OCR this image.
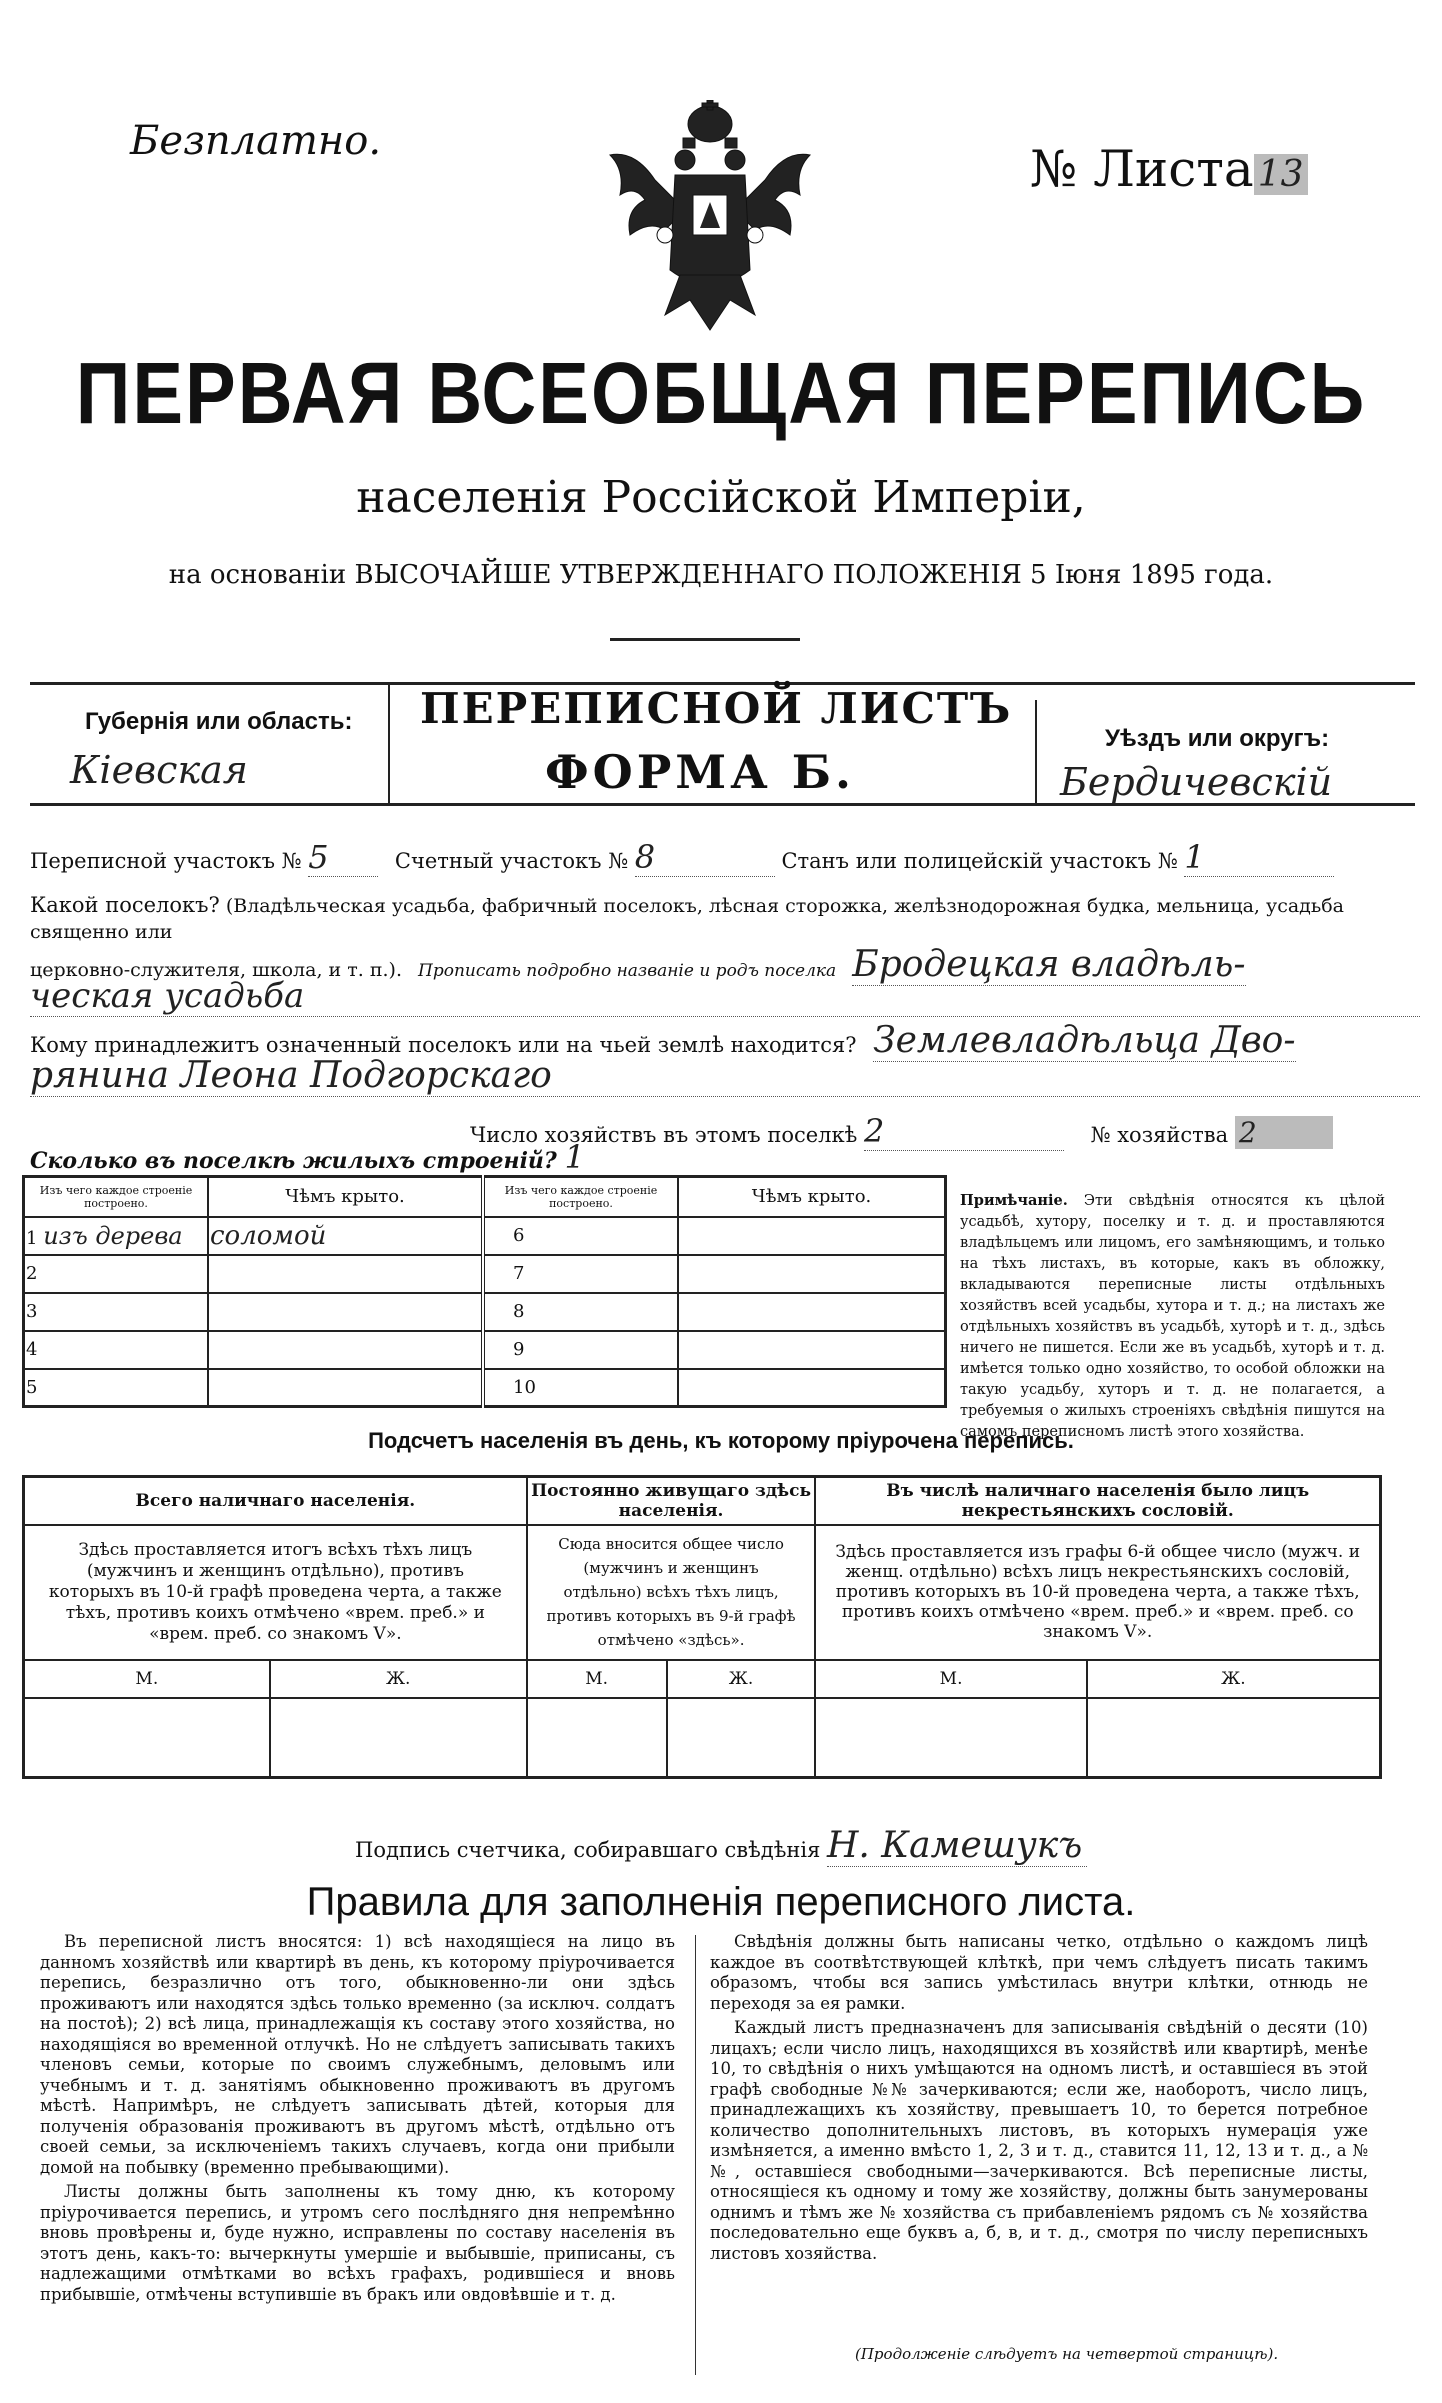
Безплатно.	№ Листа 13
ПЕРВАЯ ВСЕОБЩАЯ ПЕРЕПИСЬ
населенія Россійской Имперіи,
на основаніи ВЫСОЧАЙШЕ УТВЕРЖДЕННАГО ПОЛОЖЕНІЯ 5 Іюня 1895 года.
Губернія или область:
Кіевская
ПЕРЕПИСНОЙ ЛИСТЪ
ФОРМА Б.
Уѣздъ или округъ:
Бердичевскій
Переписной участокъ № 5	Счетный участокъ № 8	Станъ или полицейскій участокъ № 1
Какой поселокъ? (Владѣльческая усадьба, фабричный поселокъ, лѣсная сторожка, желѣзнодорожная будка, мельница, усадьба священно или
церковно-служителя, школа, и т. п.). Прописать подробно названіе и родъ поселка Бродецкая владѣль-
ческая усадьба
Кому принадлежитъ означенный поселокъ или на чьей землѣ находится? Землевладѣльца Дво-
рянина Леона Подгорскаго
Число хозяйствъ въ этомъ поселкѣ 2	№ хозяйства 2
Сколько въ поселкѣ жилыхъ строеній? 1
Изъ чего каждое строеніе построено.	Чѣмъ крыто.	Изъ чего каждое строеніе построено.	Чѣмъ крыто.
1 изъ дерева	соломой	6	
2		7	
3		8	
4		9	
5		10	
Примѣчаніе. Эти свѣдѣнія относятся къ цѣлой усадьбѣ, хутору, поселку и т. д. и проставляются владѣльцемъ или лицомъ, его замѣняющимъ, и только на тѣхъ листахъ, въ которые, какъ въ обложку, вкладываются переписные листы отдѣльныхъ хозяйствъ всей усадьбы, хутора и т. д.; на листахъ же отдѣльныхъ хозяйствъ въ усадьбѣ, хуторѣ и т. д., здѣсь ничего не пишется. Если же въ усадьбѣ, хуторѣ и т. д. имѣется только одно хозяйство, то особой обложки на такую усадьбу, хуторъ и т. д. не полагается, а требуемыя о жилыхъ строеніяхъ свѣдѣнія пишутся на самомъ переписномъ листѣ этого хозяйства.
Подсчетъ населенія въ день, къ которому пріурочена перепись.
Всего наличнаго населенія.		Постоянно живущаго здѣсь населенія.		Въ числѣ наличнаго населенія было лицъ некрестьянскихъ сословій.	
Здѣсь проставляется итогъ всѣхъ тѣхъ лицъ (мужчинъ и женщинъ отдѣльно), противъ которыхъ въ 10-й графѣ проведена черта, а также тѣхъ, противъ коихъ отмѣчено «врем. преб.» и «врем. преб. со знакомъ V».		Сюда вносится общее число (мужчинъ и женщинъ отдѣльно) всѣхъ тѣхъ лицъ, противъ которыхъ въ 9-й графѣ отмѣчено «здѣсь».		Здѣсь проставляется изъ графы 6-й общее число (мужч. и женщ. отдѣльно) всѣхъ лицъ некрестьянскихъ сословій, противъ которыхъ въ 10-й проведена черта, а также тѣхъ, противъ коихъ отмѣчено «врем. преб.» и «врем. преб. со знакомъ V».	
М.	Ж.	М.	Ж.	М.	Ж.

Подпись счетчика, собиравшаго свѣдѣнія Н. Камешукъ
Правила для заполненія переписного листа.

Въ переписной листъ вносятся: 1) всѣ находящіеся на лицо въ данномъ хозяйствѣ или квартирѣ въ день, къ которому пріурочивается перепись, безразлично отъ того, обыкновенно-ли они здѣсь проживаютъ или находятся здѣсь только временно (за исключ. солдатъ на постоѣ); 2) всѣ лица, принадлежащія къ составу этого хозяйства, но находящіяся во временной отлучкѣ. Но не слѣдуетъ записывать такихъ членовъ семьи, которые по своимъ служебнымъ, деловымъ или учебнымъ и т. д. занятіямъ обыкновенно проживаютъ въ другомъ мѣстѣ. Напримѣръ, не слѣдуетъ записывать дѣтей, которыя для полученія образованія проживаютъ въ другомъ мѣстѣ, отдѣльно отъ своей семьи, за исключеніемъ такихъ случаевъ, когда они прибыли домой на побывку (временно пребывающими).

Листы должны быть заполнены къ тому дню, къ которому пріурочивается перепись, и утромъ сего послѣдняго дня непремѣнно вновь провѣрены и, буде нужно, исправлены по составу населенія въ этотъ день, какъ-то: вычеркнуты умершіе и выбывшіе, приписаны, съ надлежащими отмѣтками во всѣхъ графахъ, родившіеся и вновь прибывшіе, отмѣчены вступившіе въ бракъ или овдовѣвшіе и т. д.

Свѣдѣнія должны быть написаны четко, отдѣльно о каждомъ лицѣ каждое въ соотвѣтствующей клѣткѣ, при чемъ слѣдуетъ писать такимъ образомъ, чтобы вся запись умѣстилась внутри клѣтки, отнюдь не переходя за ея рамки.

Каждый листъ предназначенъ для записыванія свѣдѣній о десяти (10) лицахъ; если число лицъ, находящихся въ хозяйствѣ или квартирѣ, менѣе 10, то свѣдѣнія о нихъ умѣщаются на одномъ листѣ, и оставшіеся въ этой графѣ свободные №№ зачеркиваются; если же, наоборотъ, число лицъ, принадлежащихъ къ хозяйству, превышаетъ 10, то берется потребное количество дополнительныхъ листовъ, въ которыхъ нумерація уже измѣняется, а именно вмѣсто 1, 2, 3 и т. д., ставится 11, 12, 13 и т. д., а №№, оставшіеся свободными—зачеркиваются. Всѣ переписные листы, относящіеся къ одному и тому же хозяйству, должны быть занумерованы однимъ и тѣмъ же № хозяйства съ прибавленіемъ рядомъ съ № хозяйства последовательно еще буквъ а, б, в, и т. д., смотря по числу переписныхъ листовъ хозяйства.

(Продолженіе слѣдуетъ на четвертой страницѣ).
